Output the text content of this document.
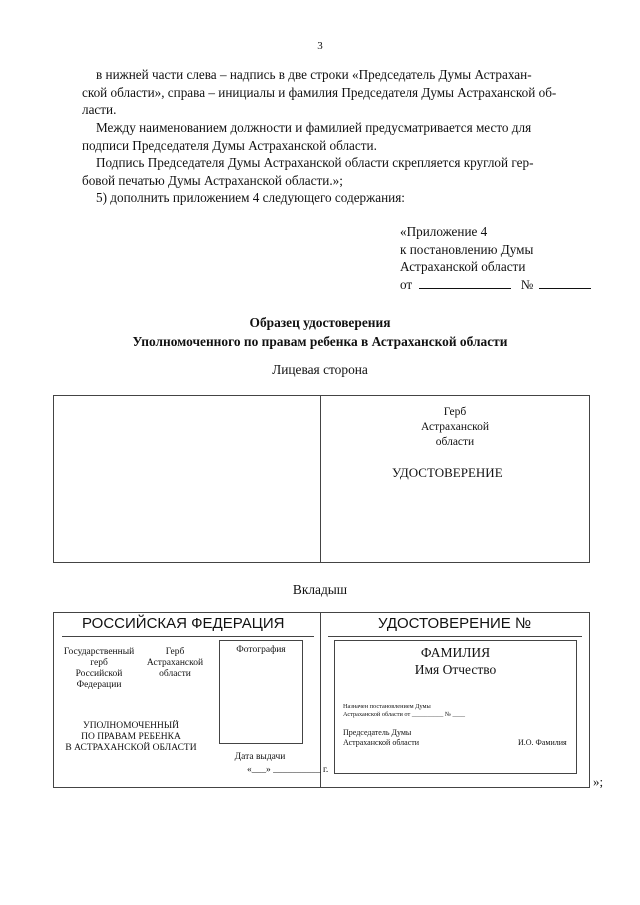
3
в нижней части слева – надпись в две строки «Председатель Думы Астрахан-
ской области», справа – инициалы и фамилия Председателя Думы Астраханской об-
ласти.
Между наименованием должности и фамилией предусматривается место для
подписи Председателя Думы Астраханской области.
Подпись Председателя Думы Астраханской области скрепляется круглой гер-
бовой печатью Думы Астраханской области.»;
5) дополнить приложением 4 следующего содержания:
«Приложение 4
к постановлению Думы
Астраханской области
от	№
Образец удостоверения
Уполномоченного по правам ребенка в Астраханской области
Лицевая сторона
Герб
Астраханской
области
УДОСТОВЕРЕНИЕ
Вкладыш
РОССИЙСКАЯ ФЕДЕРАЦИЯ
Государственный
герб
Российской
Федерации
Герб
Астраханской
области
Фотография
УПОЛНОМОЧЕННЫЙ
ПО ПРАВАМ РЕБЕНКА
В АСТРАХАНСКОЙ ОБЛАСТИ
Дата выдачи
«___» __________ г.
УДОСТОВЕРЕНИЕ №
ФАМИЛИЯ
Имя Отчество
Назначен постановлением Думы
Астраханской области от __________ № ____
Председатель Думы
Астраханской области	И.О. Фамилия
»;
